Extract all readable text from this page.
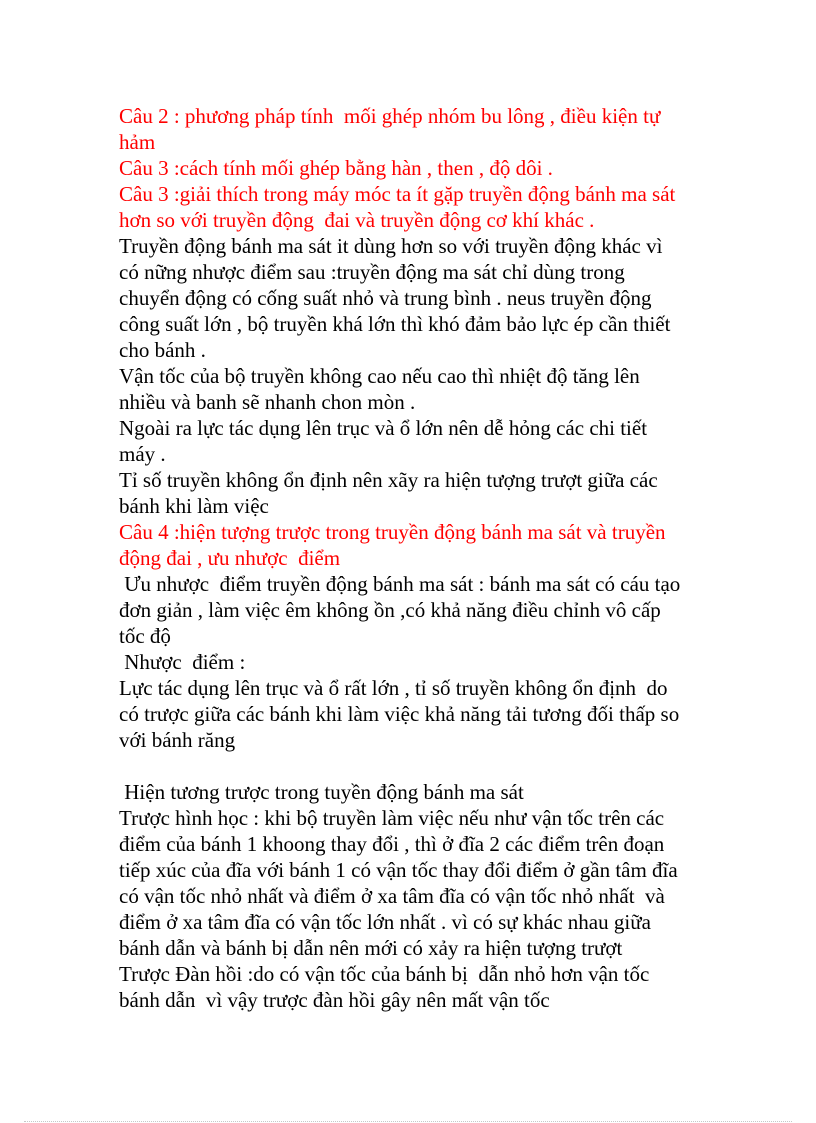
Câu 2 : phương pháp tính  mối ghép nhóm bu lông , điều kiện tự
hảm
Câu 3 :cách tính mối ghép bằng hàn , then , độ dôi .
Câu 3 :giải thích trong máy móc ta ít gặp truyền động bánh ma sát
hơn so với truyền động  đai và truyền động cơ khí khác .
Truyền động bánh ma sát it dùng hơn so với truyền động khác vì
có nững nhược điểm sau :truyền động ma sát chỉ dùng trong
chuyển động có cống suất nhỏ và trung bình . neus truyền động
công suất lớn , bộ truyền khá lớn thì khó đảm bảo lực ép cần thiết
cho bánh .
Vận tốc của bộ truyền không cao nếu cao thì nhiệt độ tăng lên
nhiều và banh sẽ nhanh chon mòn .
Ngoài ra lực tác dụng lên trục và ổ lớn nên dễ hỏng các chi tiết
máy .
Tỉ số truyền không ổn định nên xãy ra hiện tượng trượt giữa các
bánh khi làm việc
Câu 4 :hiện tượng trược trong truyền động bánh ma sát và truyền
động đai , ưu nhược  điểm
Ưu nhược  điểm truyền động bánh ma sát : bánh ma sát có cáu tạo
đơn giản , làm việc êm không ồn ,có khả năng điều chỉnh vô cấp
tốc độ
Nhược  điểm :
Lực tác dụng lên trục và ổ rất lớn , tỉ số truyền không ổn định  do
có trược giữa các bánh khi làm việc khả năng tải tương đối thấp so
với bánh răng
Hiện tương trược trong tuyền động bánh ma sát
Trược hình học : khi bộ truyền làm việc nếu như vận tốc trên các
điểm của bánh 1 khoong thay đổi , thì ở đĩa 2 các điểm trên đoạn
tiếp xúc của đĩa với bánh 1 có vận tốc thay đổi điểm ở gần tâm đĩa
có vận tốc nhỏ nhất và điểm ở xa tâm đĩa có vận tốc nhỏ nhất  và
điểm ở xa tâm đĩa có vận tốc lớn nhất . vì có sự khác nhau giữa
bánh dẫn và bánh bị dẫn nên mới có xảy ra hiện tượng trượt
Trược Đàn hồi :do có vận tốc của bánh bị  dẫn nhỏ hơn vận tốc
bánh dẫn  vì vậy trược đàn hồi gây nên mất vận tốc
